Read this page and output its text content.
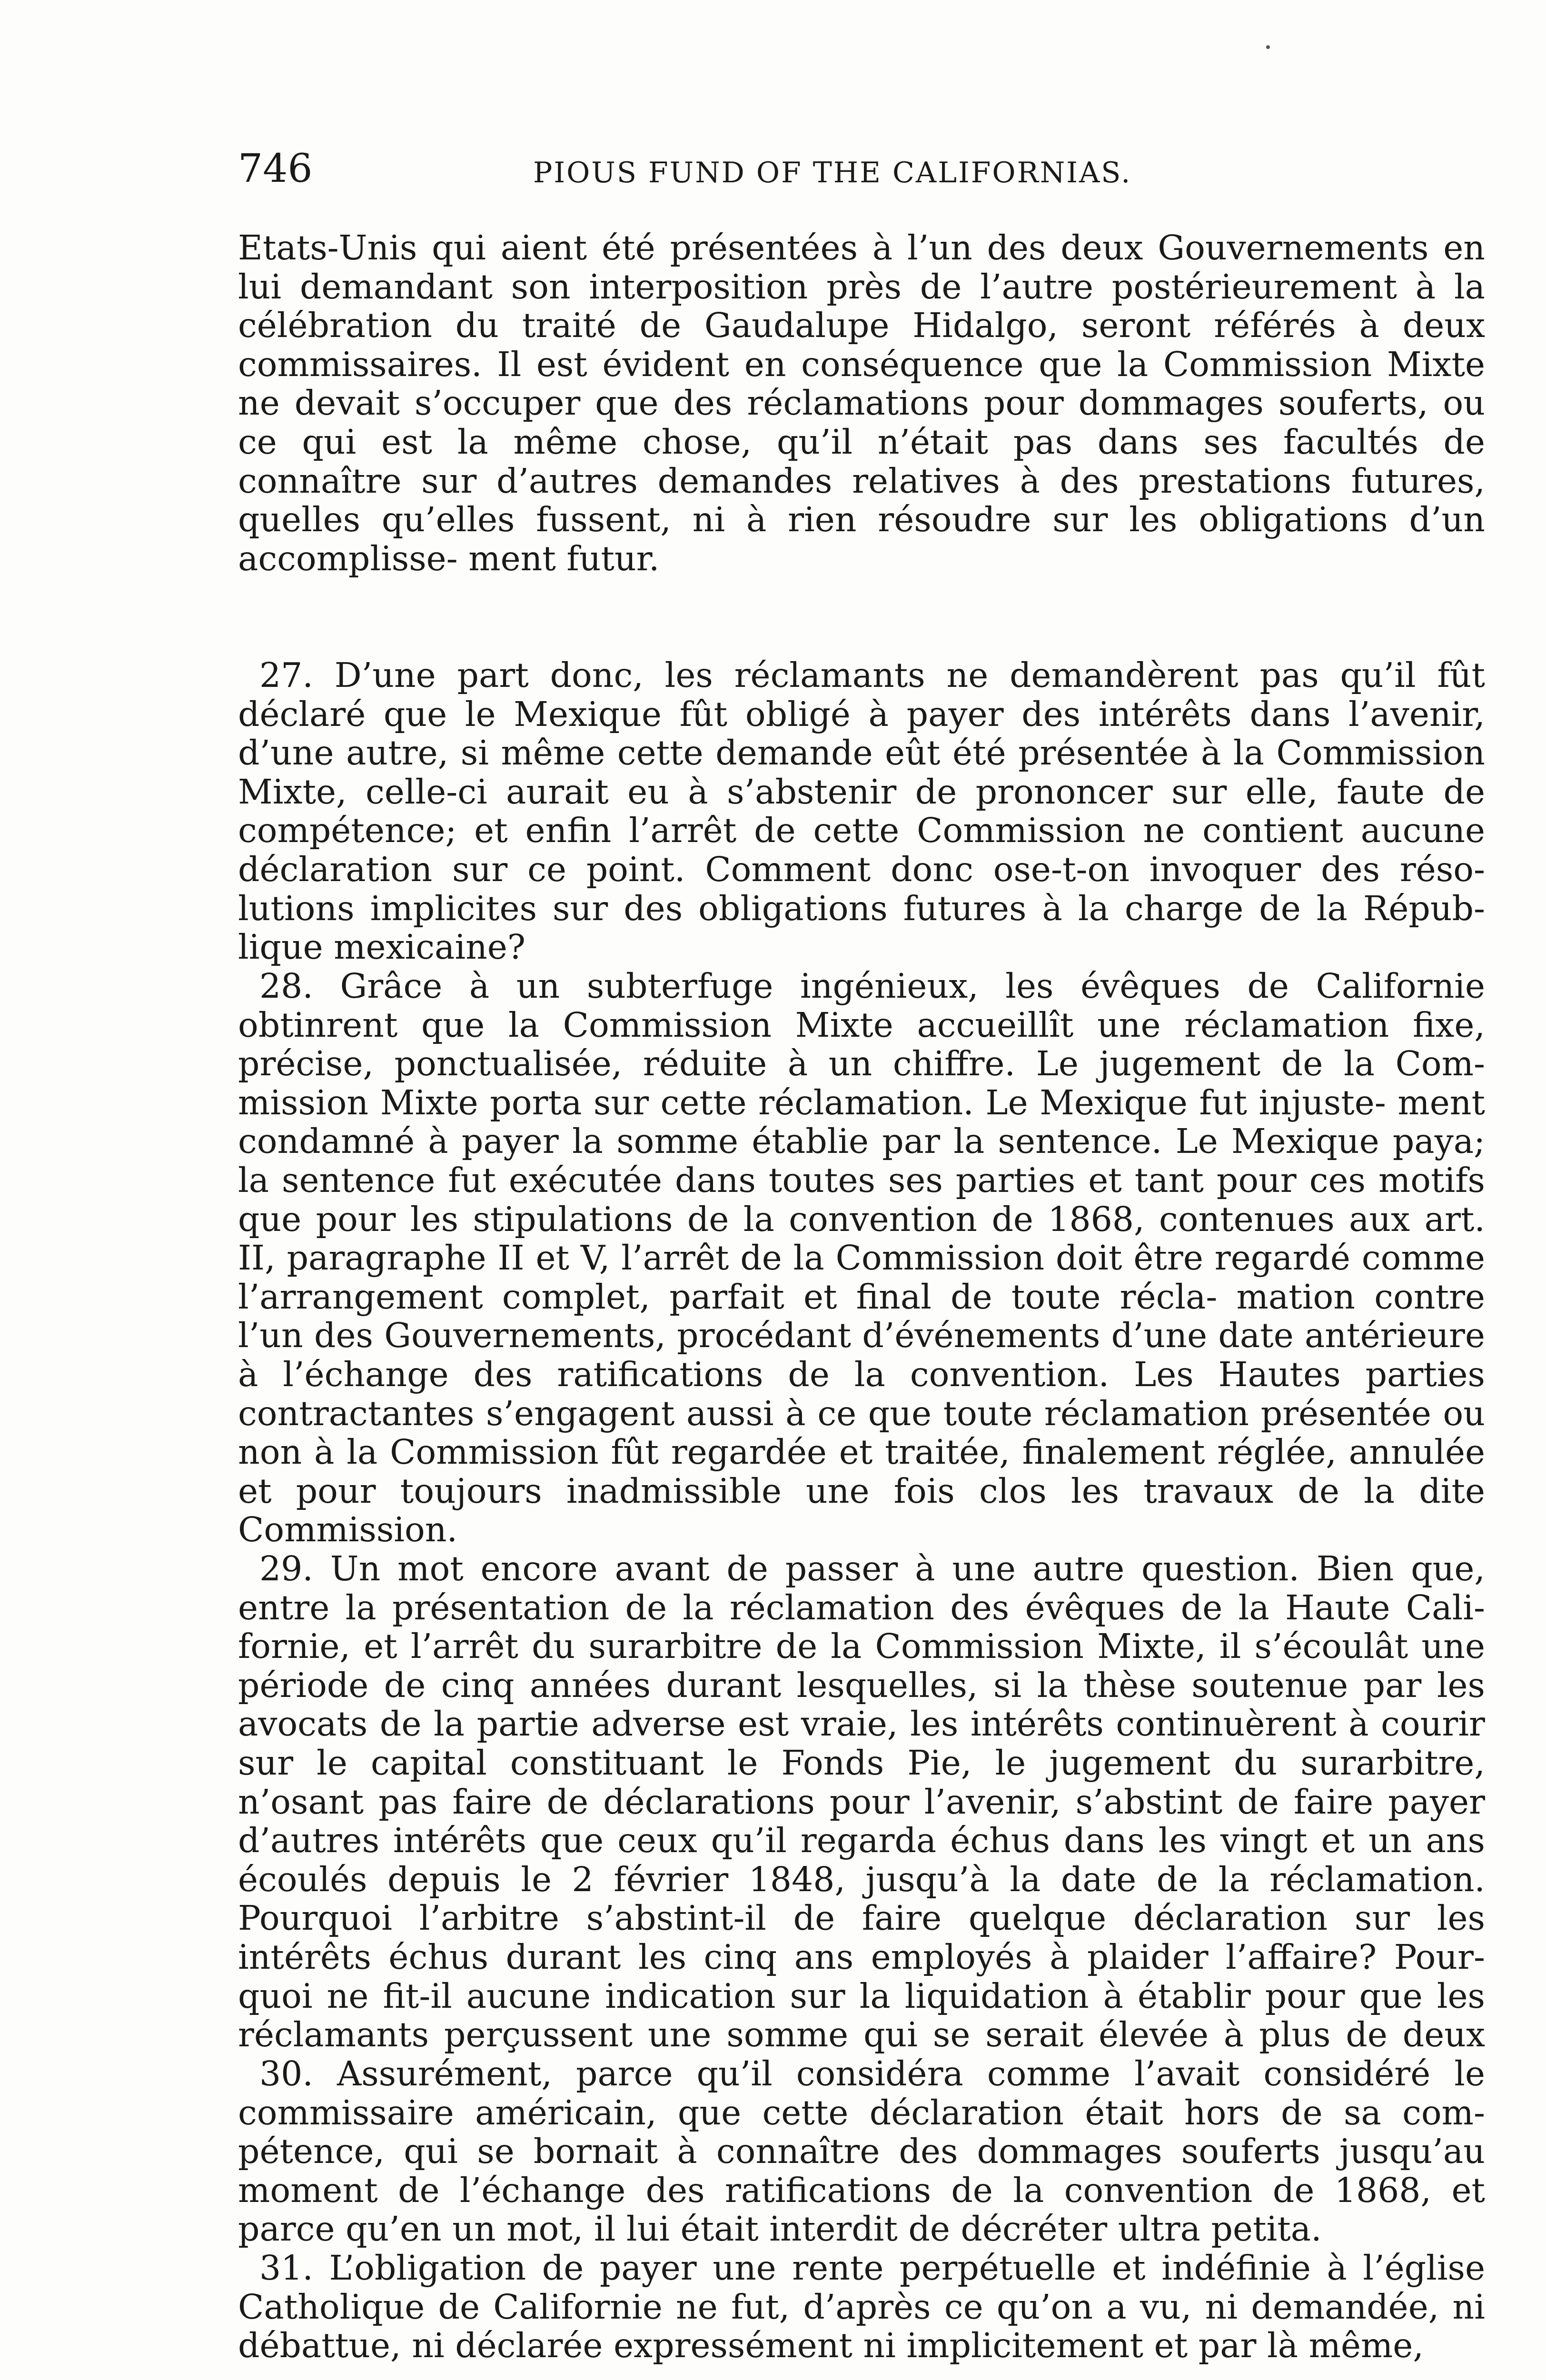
746	PIOUS FUND OF THE CALIFORNIAS.

Etats-Unis qui aient été présentées à l’un des deux Gouvernements en lui demandant son interposition près de l’autre postérieurement à la célébration du traité de Gaudalupe Hidalgo, seront référés à deux commissaires. Il est évident en conséquence que la Commission Mixte ne devait s’occuper que des réclamations pour dommages souferts, ou ce qui est la même chose, qu’il n’était pas dans ses facultés de connaître sur d’autres demandes relatives à des prestations futures, quelles qu’elles fussent, ni à rien résoudre sur les obligations d’un accomplisse- ment futur.

27. D’une part donc, les réclamants ne demandèrent pas qu’il fût déclaré que le Mexique fût obligé à payer des intérêts dans l’avenir, d’une autre, si même cette demande eût été présentée à la Commission Mixte, celle-ci aurait eu à s’abstenir de prononcer sur elle, faute de compétence; et enfin l’arrêt de cette Commission ne contient aucune déclaration sur ce point. Comment donc ose-t-on invoquer des réso- lutions implicites sur des obligations futures à la charge de la Répub- lique mexicaine?

28. Grâce à un subterfuge ingénieux, les évêques de Californie obtinrent que la Commission Mixte accueillît une réclamation fixe, précise, ponctualisée, réduite à un chiffre. Le jugement de la Com- mission Mixte porta sur cette réclamation. Le Mexique fut injuste- ment condamné à payer la somme établie par la sentence. Le Mexique paya; la sentence fut exécutée dans toutes ses parties et tant pour ces motifs que pour les stipulations de la convention de 1868, contenues aux art. II, paragraphe II et V, l’arrêt de la Commission doit être regardé comme l’arrangement complet, parfait et final de toute récla- mation contre l’un des Gouvernements, procédant d’événements d’une date antérieure à l’échange des ratifications de la convention. Les Hautes parties contractantes s’engagent aussi à ce que toute réclamation présentée ou non à la Commission fût regardée et traitée, finalement réglée, annulée et pour toujours inadmissible une fois clos les travaux de la dite Commission.

29. Un mot encore avant de passer à une autre question. Bien que, entre la présentation de la réclamation des évêques de la Haute Cali- fornie, et l’arrêt du surarbitre de la Commission Mixte, il s’écoulât une période de cinq années durant lesquelles, si la thèse soutenue par les avocats de la partie adverse est vraie, les intérêts continuèrent à courir sur le capital constituant le Fonds Pie, le jugement du surarbitre, n’osant pas faire de déclarations pour l’avenir, s’abstint de faire payer d’autres intérêts que ceux qu’il regarda échus dans les vingt et un ans écoulés depuis le 2 février 1848, jusqu’à la date de la réclamation. Pourquoi l’arbitre s’abstint-il de faire quelque déclaration sur les intérêts échus durant les cinq ans employés à plaider l’affaire? Pour- quoi ne fit-il aucune indication sur la liquidation à établir pour que les réclamants perçussent une somme qui se serait élevée à plus de deux

30. Assurément, parce qu’il considéra comme l’avait considéré le commissaire américain, que cette déclaration était hors de sa com- pétence, qui se bornait à connaître des dommages souferts jusqu’au moment de l’échange des ratifications de la convention de 1868, et parce qu’en un mot, il lui était interdit de décréter ultra petita.

31. L’obligation de payer une rente perpétuelle et indéfinie à l’église Catholique de Californie ne fut, d’après ce qu’on a vu, ni demandée, ni débattue, ni déclarée expressément ni implicitement et par là même,
